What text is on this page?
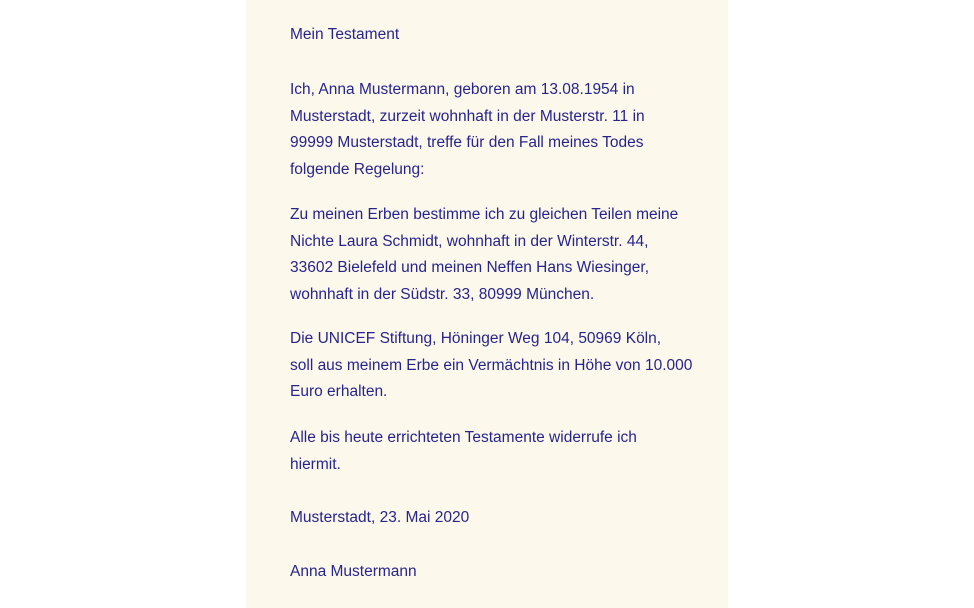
Mein Testament
Ich, Anna Mustermann, geboren am 13.08.1954 in
Musterstadt, zurzeit wohnhaft in der Musterstr. 11 in
99999 Musterstadt, treffe für den Fall meines Todes
folgende Regelung:
Zu meinen Erben bestimme ich zu gleichen Teilen meine
Nichte Laura Schmidt, wohnhaft in der Winterstr. 44,
33602 Bielefeld und meinen Neffen Hans Wiesinger,
wohnhaft in der Südstr. 33, 80999 München.
Die UNICEF Stiftung, Höninger Weg 104, 50969 Köln,
soll aus meinem Erbe ein Vermächtnis in Höhe von 10.000
Euro erhalten.
Alle bis heute errichteten Testamente widerrufe ich
hiermit.
Musterstadt, 23. Mai 2020
Anna Mustermann
